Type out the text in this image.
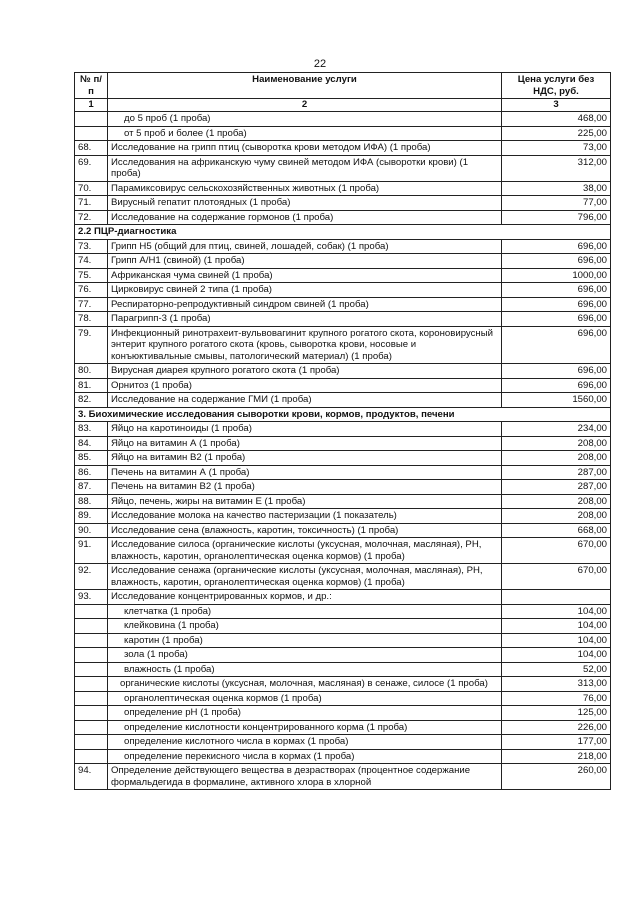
22
№ п/п	Наименование услуги	Цена услуги без НДС, руб.
1	2	3
	до 5 проб (1 проба)	468,00
	от 5 проб и более (1 проба)	225,00
68.	Исследование на грипп птиц (сыворотка крови методом ИФА) (1 проба)	73,00
69.	Исследования на африканскую чуму свиней методом ИФА (сыворотки крови) (1 проба)	312,00
70.	Парамиксовирус сельскохозяйственных животных (1 проба)	38,00
71.	Вирусный гепатит плотоядных (1 проба)	77,00
72.	Исследование на содержание гормонов (1 проба)	796,00
2.2 ПЦР-диагностика		
73.	Грипп Н5 (общий для птиц, свиней, лошадей, собак) (1 проба)	696,00
74.	Грипп A/H1 (свиной) (1 проба)	696,00
75.	Африканская чума свиней (1 проба)	1000,00
76.	Цирковирус свиней 2 типа (1 проба)	696,00
77.	Респираторно-репродуктивный синдром свиней (1 проба)	696,00
78.	Парагрипп-3 (1 проба)	696,00
79.	Инфекционный ринотрахеит-вульвовагинит крупного рогатого скота, короновирусный энтерит крупного рогатого скота (кровь, сыворотка крови, носовые и конъюктивальные смывы, патологический материал) (1 проба)	696,00
80.	Вирусная диарея крупного рогатого скота (1 проба)	696,00
81.	Орнитоз (1 проба)	696,00
82.	Исследование на содержание ГМИ (1 проба)	1560,00
3. Биохимические исследования сыворотки крови, кормов, продуктов, печени		
83.	Яйцо на каротиноиды (1 проба)	234,00
84.	Яйцо на витамин А (1 проба)	208,00
85.	Яйцо на витамин В2 (1 проба)	208,00
86.	Печень на витамин А (1 проба)	287,00
87.	Печень на витамин В2 (1 проба)	287,00
88.	Яйцо, печень, жиры на витамин Е (1 проба)	208,00
89.	Исследование молока на качество пастеризации (1 показатель)	208,00
90.	Исследование сена (влажность, каротин, токсичность) (1 проба)	668,00
91.	Исследование силоса (органические кислоты (уксусная, молочная, масляная), PH, влажность, каротин, органолептическая оценка кормов) (1 проба)	670,00
92.	Исследование сенажа (органические кислоты (уксусная, молочная, масляная), PH, влажность, каротин, органолептическая оценка кормов) (1 проба)	670,00
93.	Исследование концентрированных кормов, и др.:	
	клетчатка (1 проба)	104,00
	клейковина (1 проба)	104,00
	каротин (1 проба)	104,00
	зола (1 проба)	104,00
	влажность (1 проба)	52,00
	органические кислоты (уксусная, молочная, масляная) в сенаже, силосе (1 проба)	313,00
	органолептическая оценка кормов (1 проба)	76,00
	определение pH (1 проба)	125,00
	определение кислотности концентрированного корма (1 проба)	226,00
	определение кислотного числа в кормах (1 проба)	177,00
	определение перекисного числа в кормах (1 проба)	218,00
94.	Определение действующего вещества в дезрастворах (процентное содержание формальдегида в формалине, активного хлора в хлорной	260,00
